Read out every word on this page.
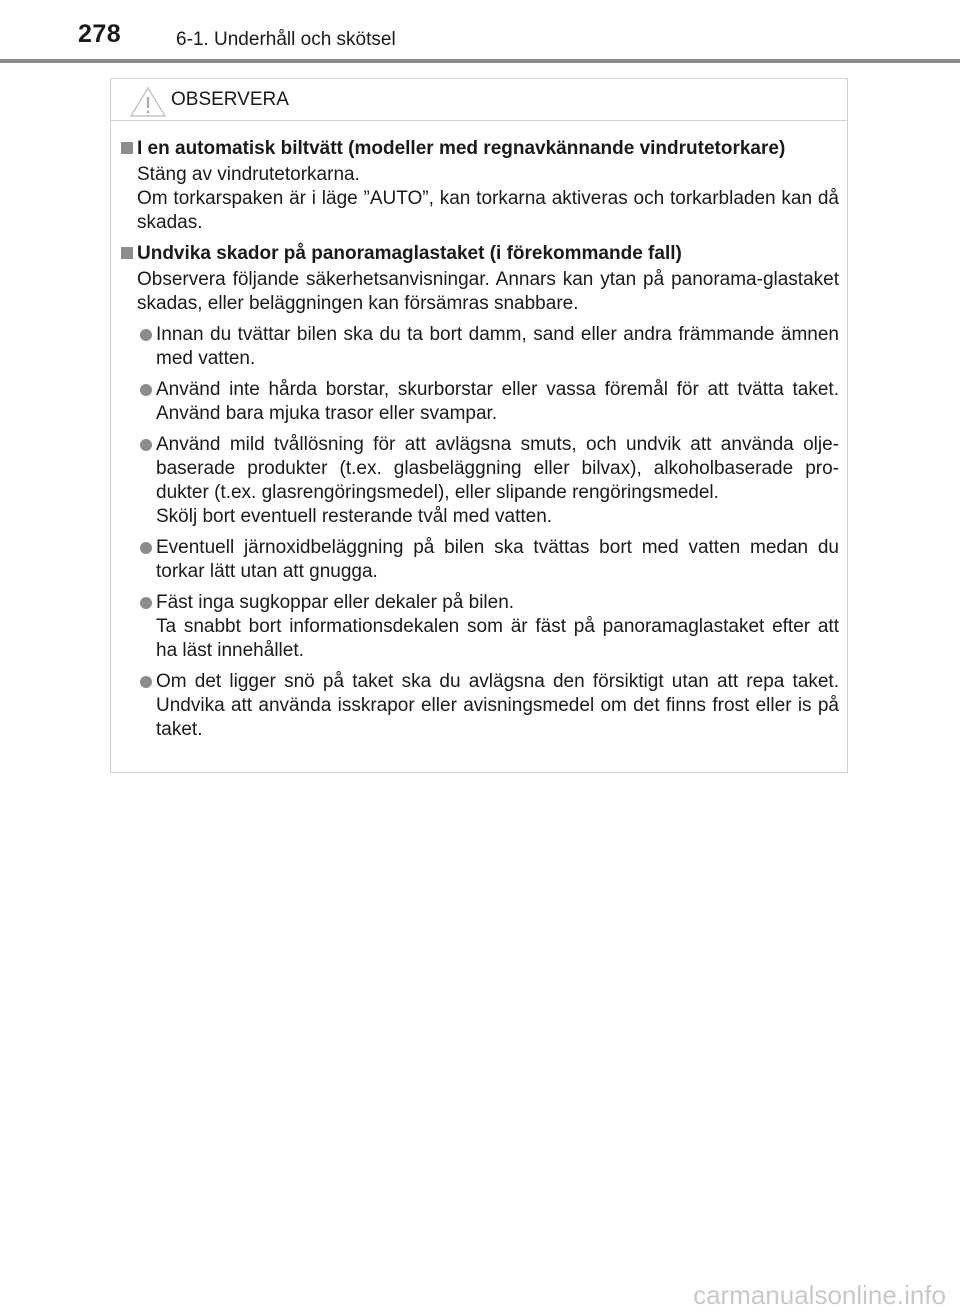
278	6-1. Underhåll och skötsel
OBSERVERA
I en automatisk biltvätt (modeller med regnavkännande vindrutetorkare)
Stäng av vindrutetorkarna.
Om torkarspaken är i läge ”AUTO”, kan torkarna aktiveras och torkarbladen kan då skadas.
Undvika skador på panoramaglastaket (i förekommande fall)
Observera följande säkerhetsanvisningar. Annars kan ytan på panorama-glastaket skadas, eller beläggningen kan försämras snabbare.
Innan du tvättar bilen ska du ta bort damm, sand eller andra främmande ämnen med vatten.
Använd inte hårda borstar, skurborstar eller vassa föremål för att tvätta taket. Använd bara mjuka trasor eller svampar.
Använd mild tvållösning för att avlägsna smuts, och undvik att använda olje-baserade produkter (t.ex. glasbeläggning eller bilvax), alkoholbaserade pro-dukter (t.ex. glasrengöringsmedel), eller slipande rengöringsmedel.
Skölj bort eventuell resterande tvål med vatten.
Eventuell järnoxidbeläggning på bilen ska tvättas bort med vatten medan du torkar lätt utan att gnugga.
Fäst inga sugkoppar eller dekaler på bilen.
Ta snabbt bort informationsdekalen som är fäst på panoramaglastaket efter att ha läst innehållet.
Om det ligger snö på taket ska du avlägsna den försiktigt utan att repa taket. Undvika att använda isskrapor eller avisningsmedel om det finns frost eller is på taket.
carmanualsonline.info
